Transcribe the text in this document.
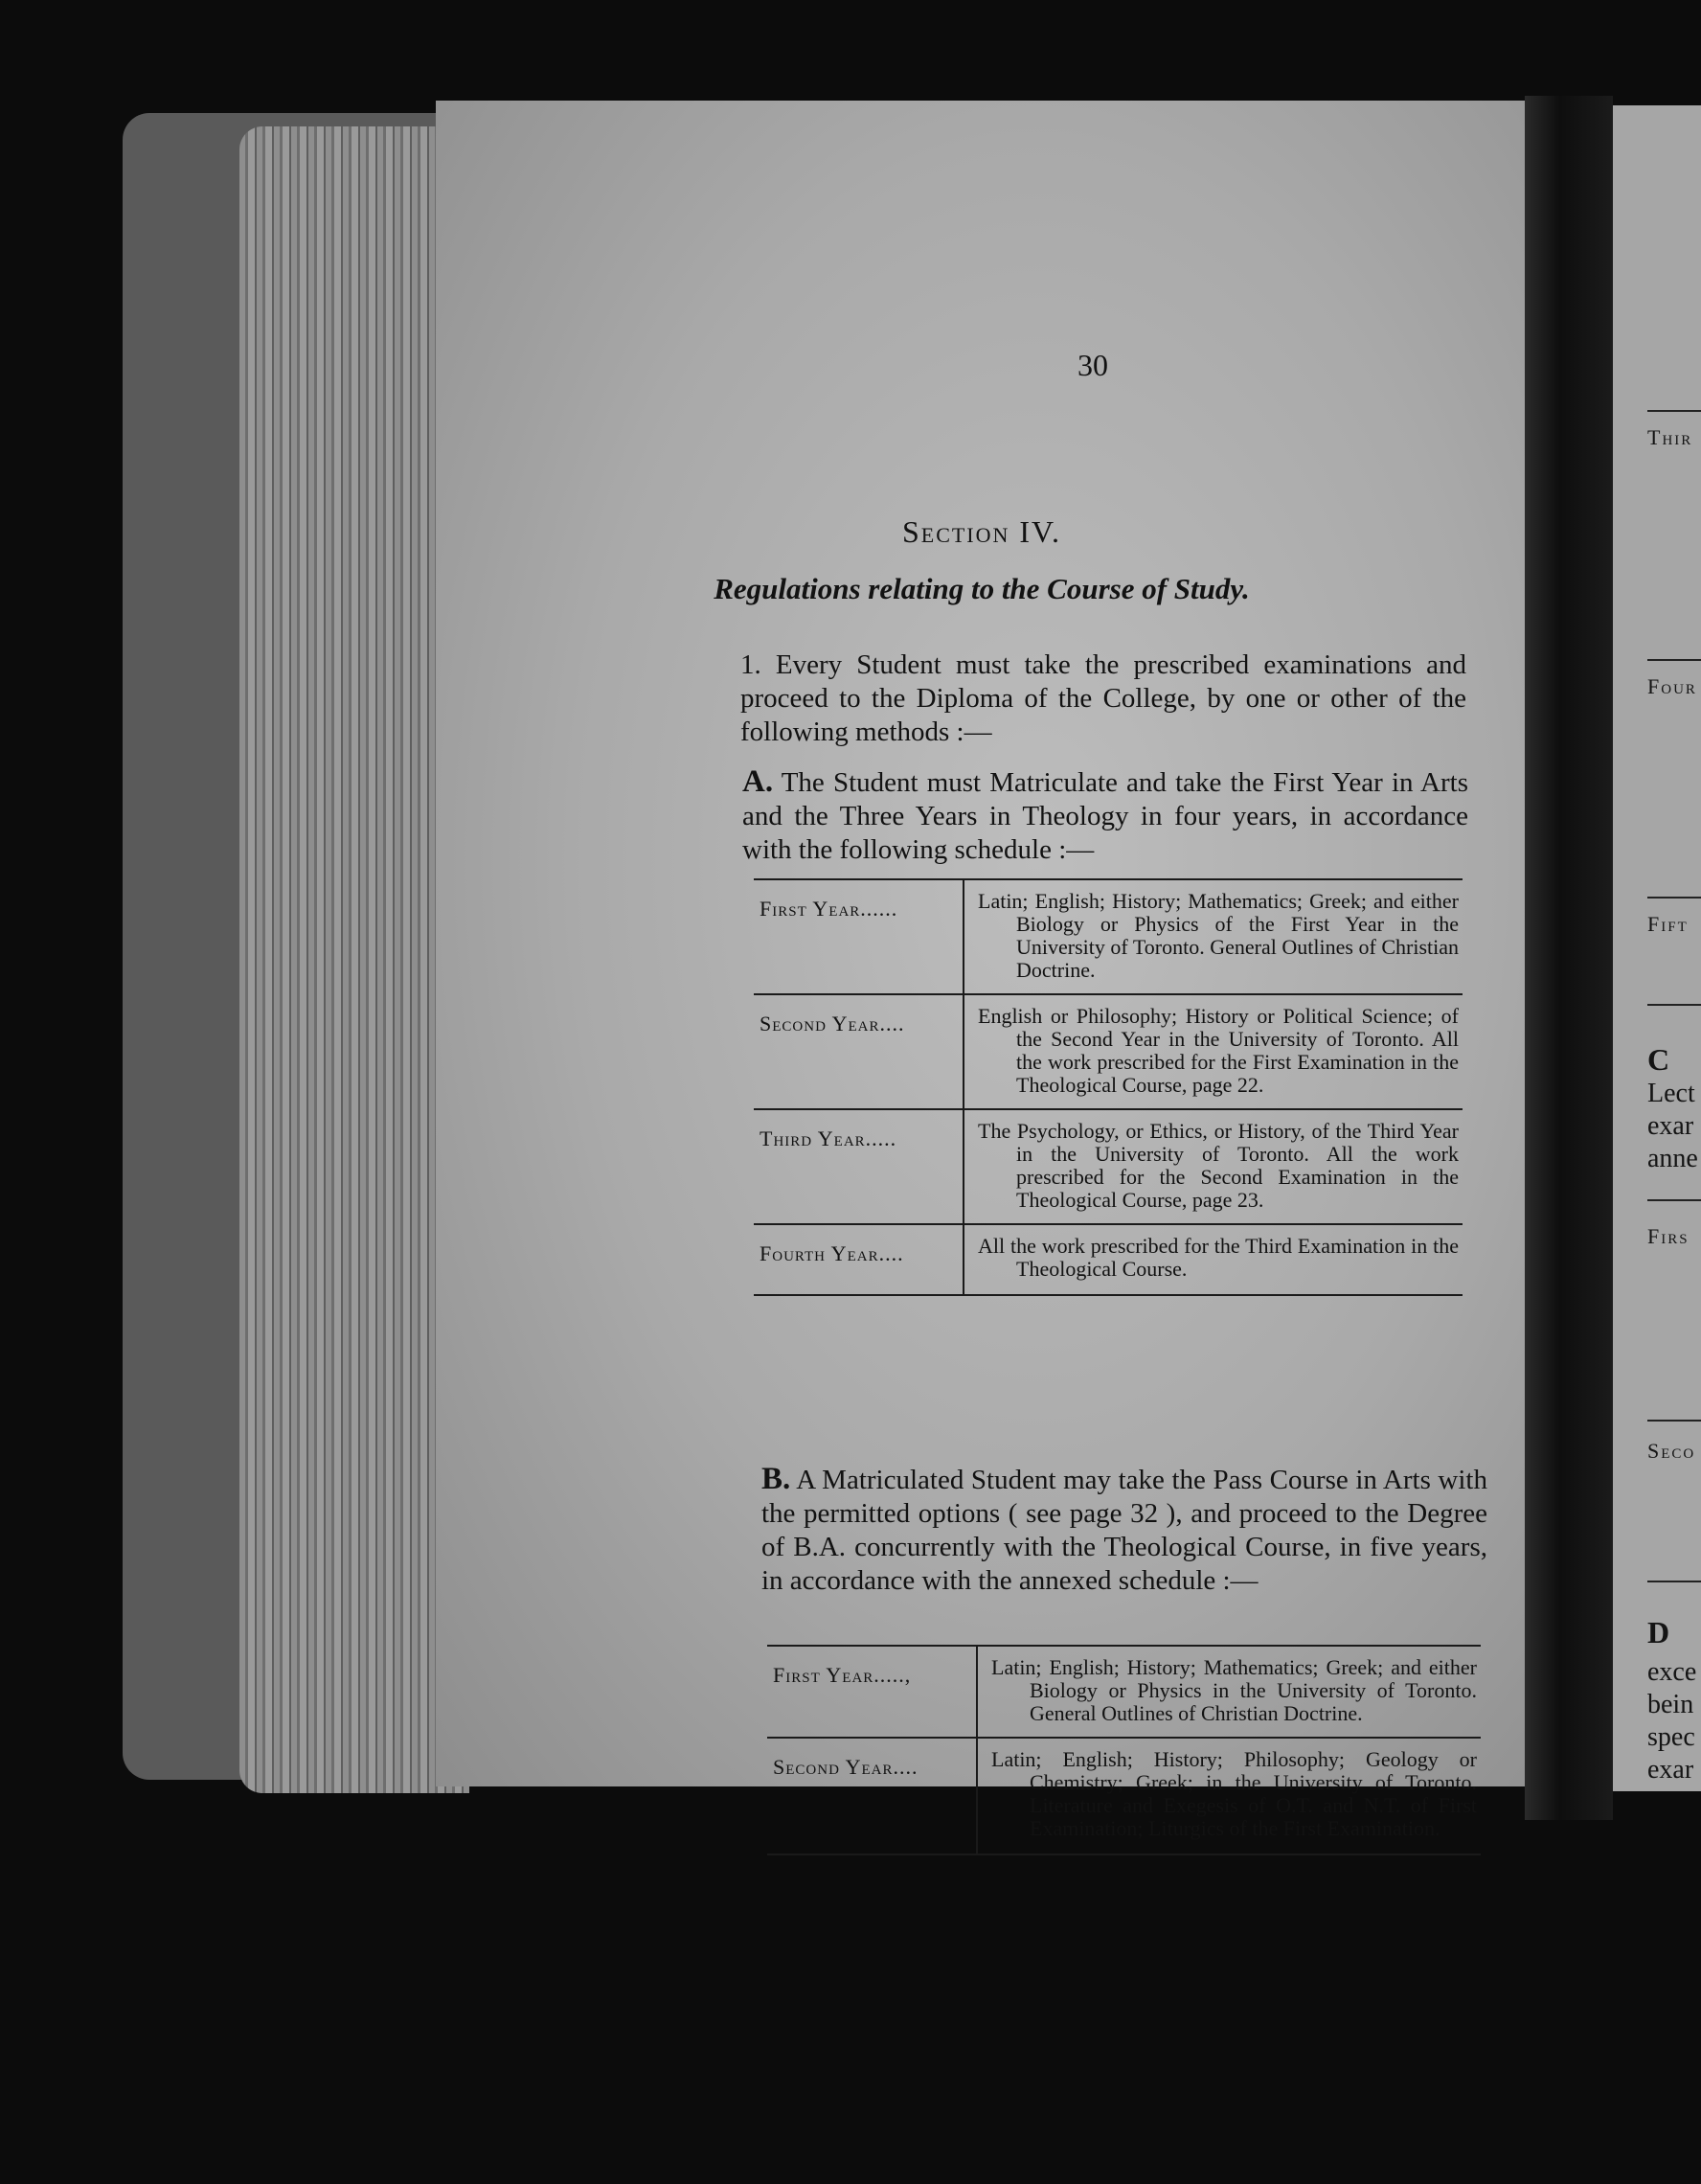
30
Section IV.
Regulations relating to the Course of Study.
1. Every Student must take the prescribed examinations and proceed to the Diploma of the College, by one or other of the following methods :—
A. The Student must Matriculate and take the First Year in Arts and the Three Years in Theology in four years, in accordance with the following schedule :—
First Year......	Latin; English; History; Mathematics; Greek; and either Biology or Physics of the First Year in the University of Toronto. General Outlines of Christian Doctrine.
Second Year....	English or Philosophy; History or Political Science; of the Second Year in the University of Toronto. All the work prescribed for the First Examination in the Theological Course, page 22.
Third Year.....	The Psychology, or Ethics, or History, of the Third Year in the University of Toronto. All the work prescribed for the Second Examination in the Theological Course, page 23.
Fourth Year....	All the work prescribed for the Third Examination in the Theological Course.
B. A Matriculated Student may take the Pass Course in Arts with the permitted options ( see page 32 ), and proceed to the Degree of B.A. concurrently with the Theological Course, in five years, in accordance with the annexed schedule :—
First Year.....,	Latin; English; History; Mathematics; Greek; and either Biology or Physics in the University of Toronto. General Outlines of Christian Doctrine.
Second Year....	Latin; English; History; Philosophy; Geology or Chemistry; Greek; in the University of Toronto. Literature and Exegesis of O.T. and N.T. of First Examination; Liturgics of the First Examination.
Thir
Four
Fift
C
Lect
exar
anne
Firs
Seco
D
exce
bein
spec
exar
